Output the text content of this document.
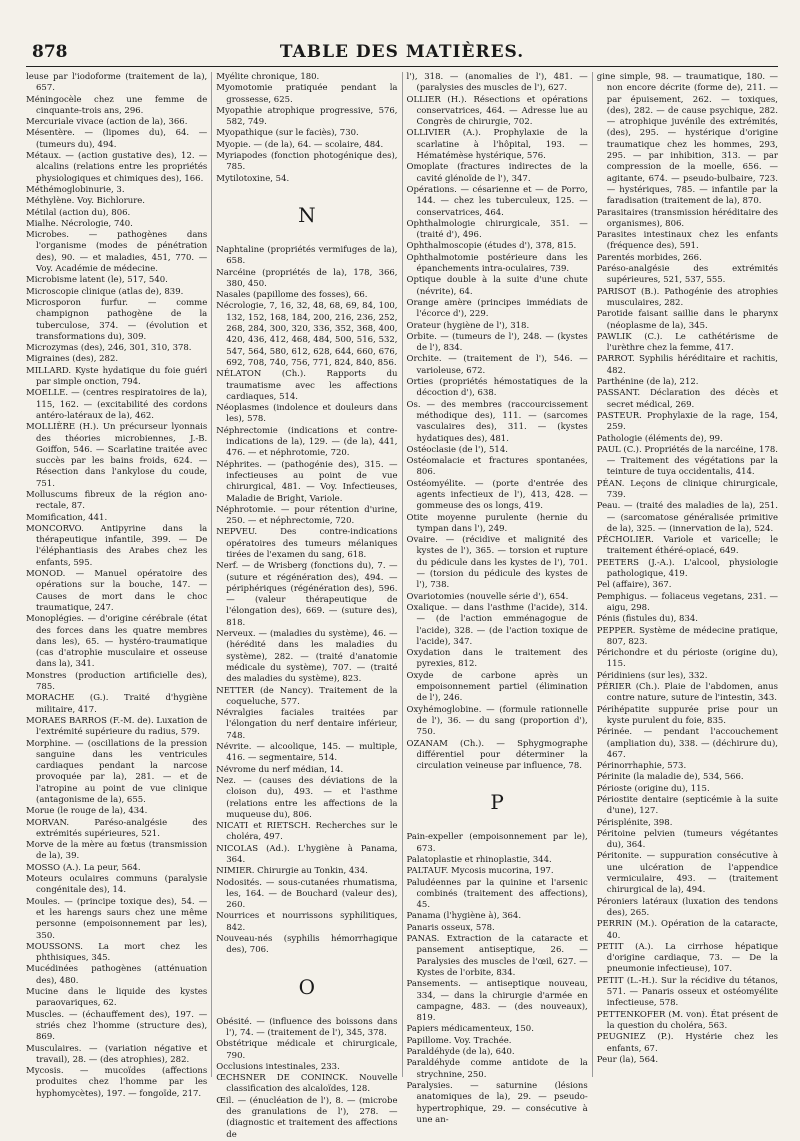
878	TABLE DES MATIÈRES.

leuse par l'iodoforme (traitement de la), 657.

Méningocèle chez une femme de cinquante-trois ans, 296.

Mercuriale vivace (action de la), 366.

Mésentère. — (lipomes du), 64. — (tumeurs du), 494.

Métaux. — (action gustative des), 12. — alcalins (relations entre les propriétés physiologiques et chimiques des), 166.

Méthémoglobinurie, 3.

Méthylène. Voy. Bichlorure.

Métilal (action du), 806.

Mialhe. Nécrologie, 740.

Microbes. — pathogènes dans l'organisme (modes de pénétration des), 90. — et maladies, 451, 770. — Voy. Académie de médecine.

Microbisme latent (le), 517, 540.

Microscopie clinique (atlas de), 839.

Microsporon furfur. — comme champignon pathogène de la tuberculose, 374. — (évolution et transformations du), 309.

Microzymas (des), 246, 301, 310, 378.

Migraines (des), 282.

MILLARD. Kyste hydatique du foie guéri par simple onction, 794.

MOELLE. — (centres respiratoires de la), 115, 162. — (excitabilité des cordons antéro-latéraux de la), 462.

MOLLIÈRE (H.). Un précurseur lyonnais des théories microbiennes, J.-B. Goiffon, 546. — Scarlatine traitée avec succès par les bains froids, 624. — Résection dans l'ankylose du coude, 751.

Molluscums fibreux de la région ano-rectale, 87.

Momification, 441.

MONCORVO. Antipyrine dans la thérapeutique infantile, 399. — De l'éléphantiasis des Arabes chez les enfants, 595.

MONOD. — Manuel opératoire des opérations sur la bouche, 147. — Causes de mort dans le choc traumatique, 247.

Monoplégies. — d'origine cérébrale (état des forces dans les quatre membres dans les), 65. — hystéro-traumatique (cas d'atrophie musculaire et osseuse dans la), 341.

Monstres (production artificielle des), 785.

MORACHE (G.). Traité d'hygiène militaire, 417.

MORAES BARROS (F.-M. de). Luxation de l'extrémité supérieure du radius, 579.

Morphine. — (oscillations de la pression sanguine dans les ventricules cardiaques pendant la narcose provoquée par la), 281. — et de l'atropine au point de vue clinique (antagonisme de la), 655.

Morue (le rouge de la), 434.

MORVAN. Paréso-analgésie des extrémités supérieures, 521.

Morve de la mère au fœtus (transmission de la), 39.

MOSSO (A.). La peur, 564.

Moteurs oculaires communs (paralysie congénitale des), 14.

Moules. — (principe toxique des), 54. — et les harengs saurs chez une même personne (empoisonnement par les), 350.

MOUSSONS. La mort chez les phthisiques, 345.

Mucédinées pathogènes (atténuation des), 480.

Mucine dans le liquide des kystes paraovariques, 62.

Muscles. — (échauffement des), 197. — striés chez l'homme (structure des), 869.

Musculaires. — (variation négative et travail), 28. — (des atrophies), 282.

Mycosis. — mucoïdes (affections produites chez l'homme par les hyphomycètes), 197. — fongoïde, 217.

Myélite chronique, 180.

Myomotomie pratiquée pendant la grossesse, 625.

Myopathie atrophique progressive, 576, 582, 749.

Myopathique (sur le faciès), 730.

Myopie. — (de la), 64. — scolaire, 484.

Myriapodes (fonction photogénique des), 785.

Mytilotoxine, 54.

N

Naphtaline (propriétés vermifuges de la), 658.

Narcéine (propriétés de la), 178, 366, 380, 450.

Nasales (papillome des fosses), 66.

Nécrologie, 7, 16, 32, 48, 68, 69, 84, 100, 132, 152, 168, 184, 200, 216, 236, 252, 268, 284, 300, 320, 336, 352, 368, 400, 420, 436, 412, 468, 484, 500, 516, 532, 547, 564, 580, 612, 628, 644, 660, 676, 692, 708, 740, 756, 771, 824, 840, 856.

NÉLATON (Ch.). Rapports du traumatisme avec les affections cardiaques, 514.

Néoplasmes (indolence et douleurs dans les), 578.

Néphrectomie (indications et contre-indications de la), 129. — (de la), 441, 476. — et néphrotomie, 720.

Néphrites. — (pathogénie des), 315. — infectieuses au point de vue chirurgical, 481. — Voy. Infectieuses, Maladie de Bright, Variole.

Néphrotomie. — pour rétention d'urine, 250. — et néphrectomie, 720.

NEPVEU. Des contre-indications opératoires des tumeurs mélaniques tirées de l'examen du sang, 618.

Nerf. — de Wrisberg (fonctions du), 7. — (suture et régénération des), 494. — périphériques (régénération des), 596. — (valeur thérapeutique de l'élongation des), 669. — (suture des), 818.

Nerveux. — (maladies du système), 46. — (hérédité dans les maladies du système), 282. — (traité d'anatomie médicale du système), 707. — (traité des maladies du système), 823.

NETTER (de Nancy). Traitement de la coqueluche, 577.

Névralgies faciales traitées par l'élongation du nerf dentaire inférieur, 748.

Névrite. — alcoolique, 145. — multiple, 416. — segmentaire, 514.

Névrome du nerf médian, 14.

Nez. — (causes des déviations de la cloison du), 493. — et l'asthme (relations entre les affections de la muqueuse du), 806.

NICATI et RIETSCH. Recherches sur le choléra, 497.

NICOLAS (Ad.). L'hygiène à Panama, 364.

NIMIER. Chirurgie au Tonkin, 434.

Nodosités. — sous-cutanées rhumatisma, les, 164. — de Bouchard (valeur des), 260.

Nourrices et nourrissons syphilitiques, 842.

Nouveau-nés (syphilis hémorrhagique des), 706.

O

Obésité. — (influence des boissons dans l'), 74. — (traitement de l'), 345, 378.

Obstétrique médicale et chirurgicale, 790.

Occlusions intestinales, 233.

ŒCHSNER DE CONINCK. Nouvelle classification des alcaloïdes, 128.

Œil. — (énucléation de l'), 8. — (microbe des granulations de l'), 278. — (diagnostic et traitement des affections de

l'), 318. — (anomalies de l'), 481. — (paralysies des muscles de l'), 627.

OLLIER (H.). Résections et opérations conservatrices, 464. — Adresse lue au Congrès de chirurgie, 702.

OLLIVIER (A.). Prophylaxie de la scarlatine à l'hôpital, 193. — Hématémèse hystérique, 576.

Omoplate (fractures indirectes de la cavité glénoïde de l'), 347.

Opérations. — césarienne et — de Porro, 144. — chez les tuberculeux, 125. — conservatrices, 464.

Ophthalmologie chirurgicale, 351. — (traité d'), 496.

Ophthalmoscopie (études d'), 378, 815.

Ophthalmotomie postérieure dans les épanchements intra-oculaires, 739.

Optique double à la suite d'une chute (névrite), 64.

Orange amère (principes immédiats de l'écorce d'), 229.

Orateur (hygiène de l'), 318.

Orbite. — (tumeurs de l'), 248. — (kystes de l'), 834.

Orchite. — (traitement de l'), 546. — varioleuse, 672.

Orties (propriétés hémostatiques de la décoction d'), 638.

Os. — des membres (raccourcissement méthodique des), 111. — (sarcomes vasculaires des), 311. — (kystes hydatiques des), 481.

Ostéoclasie (de l'), 514.

Ostéomalacie et fractures spontanées, 806.

Ostéomyélite. — (porte d'entrée des agents infectieux de l'), 413, 428. — gommeuse des os longs, 419.

Otite moyenne purulente (hernie du tympan dans l'), 249.

Ovaire. — (récidive et malignité des kystes de l'), 365. — torsion et rupture du pédicule dans les kystes de l'), 701. — (torsion du pédicule des kystes de l'), 738.

Ovariotomies (nouvelle série d'), 654.

Oxalique. — dans l'asthme (l'acide), 314. — (de l'action emménagogue de l'acide), 328. — (de l'action toxique de l'acide), 347.

Oxydation dans le traitement des pyrexies, 812.

Oxyde de carbone après un empoisonnement partiel (élimination de l'), 246.

Oxyhémoglobine. — (formule rationnelle de l'), 36. — du sang (proportion d'), 750.

OZANAM (Ch.). — Sphygmographe différentiel pour déterminer la circulation veineuse par influence, 78.

P

Pain-expeller (empoisonnement par le), 673.

Palatoplastie et rhinoplastie, 344.

PALTAUF. Mycosis mucorina, 197.

Paludéennes par la quinine et l'arsenic combinés (traitement des affections), 45.

Panama (l'hygiène à), 364.

Panaris osseux, 578.

PANAS. Extraction de la cataracte et pansement antiseptique, 26. — Paralysies des muscles de l'œil, 627. — Kystes de l'orbite, 834.

Pansements. — antiseptique nouveau, 334, — dans la chirurgie d'armée en campagne, 483. — (des nouveaux), 819.

Papiers médicamenteux, 150.

Papillome. Voy. Trachée.

Paraldéhyde (de la), 640.

Paraldéhyde comme antidote de la strychnine, 250.

Paralysies. — saturnine (lésions anatomiques de la), 29. — pseudo-hypertrophique, 29. — consécutive à une an-

gine simple, 98. — traumatique, 180. — non encore décrite (forme de), 211. — par épuisement, 262. — toxiques, (des), 282. — de cause psychique, 282. — atrophique juvénile des extrémités, (des), 295. — hystérique d'origine traumatique chez les hommes, 293, 295. — par inhibition, 313. — par compression de la moelle, 656. — agitante, 674. — pseudo-bulbaire, 723. — hystériques, 785. — infantile par la faradisation (traitement de la), 870.

Parasitaires (transmission héréditaire des organismes), 806.

Parasites intestinaux chez les enfants (fréquence des), 591.

Parentés morbides, 266.

Paréso-analgésie des extrémités supérieures, 521, 537, 555.

PARISOT (B.). Pathogénie des atrophies musculaires, 282.

Parotide faisant saillie dans le pharynx (néoplasme de la), 345.

PAWLIK (C.). Le cathétérisme de l'urèthre chez la femme, 417.

PARROT. Syphilis héréditaire et rachitis, 482.

Parthénine (de la), 212.

PASSANT. Déclaration des décès et secret médical, 269.

PASTEUR. Prophylaxie de la rage, 154, 259.

Pathologie (éléments de), 99.

PAUL (C.). Propriétés de la narcéine, 178. — Traitement des végétations par la teinture de tuya occidentalis, 414.

PÉAN. Leçons de clinique chirurgicale, 739.

Peau. — (traité des maladies de la), 251. — (sarcomatose généralisée primitive de la), 325. — (innervation de la), 524.

PÉCHOLIER. Variole et varicelle; le traitement éthéré-opiacé, 649.

PEETERS (J.-A.). L'alcool, physiologie pathologique, 419.

Pel (affaire), 367.

Pemphigus. — foliaceus vegetans, 231. — aigu, 298.

Pénis (fistules du), 834.

PEPPER. Système de médecine pratique, 807, 823.

Périchondre et du périoste (origine du), 115.

Péridiniens (sur les), 332.

PÉRIER (Ch.). Plaie de l'abdomen, anus contre nature, suture de l'intestin, 343.

Périhépatite suppurée prise pour un kyste purulent du foie, 835.

Périnée. — pendant l'accouchement (ampliation du), 338. — (déchirure du), 467.

Périnorrhaphie, 573.

Périnite (la maladie de), 534, 566.

Périoste (origine du), 115.

Périostite dentaire (septicémie à la suite d'une), 127.

Périsplénite, 398.

Péritoine pelvien (tumeurs végétantes du), 364.

Péritonite. — suppuration consécutive à une ulcération de l'appendice vermiculaire, 493. — (traitement chirurgical de la), 494.

Péroniers latéraux (luxation des tendons des), 265.

PERRIN (M.). Opération de la cataracte, 40.

PETIT (A.). La cirrhose hépatique d'origine cardiaque, 73. — De la pneumonie infectieuse), 107.

PETIT (L.-H.). Sur la récidive du tétanos, 571. — Panaris osseux et ostéomyélite infectieuse, 578.

PETTENKOFER (M. von). État présent de la question du choléra, 563.

PEUGNIEZ (P.). Hystérie chez les enfants, 67.

Peur (la), 564.
